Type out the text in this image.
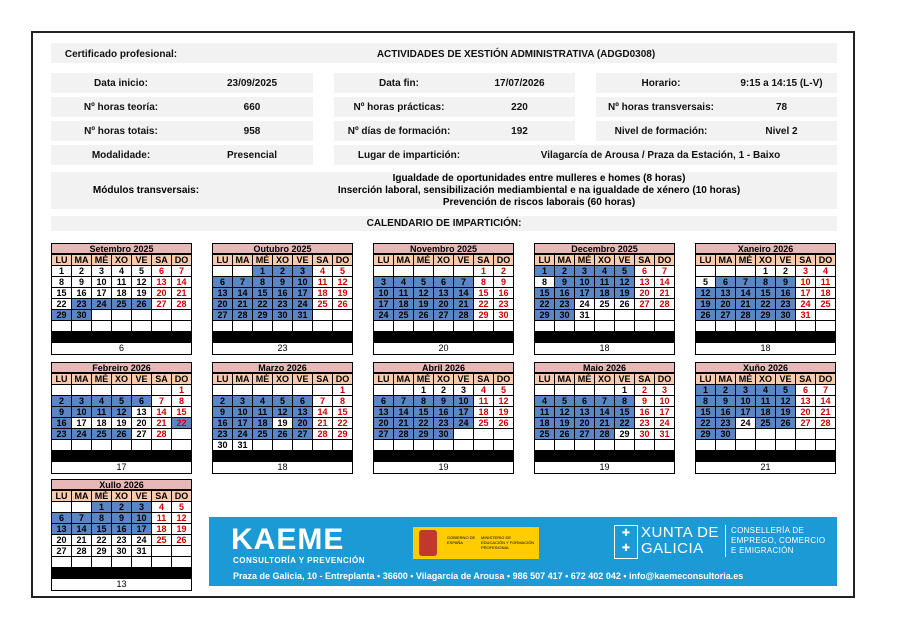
Certificado profesional:	ACTIVIDADES DE XESTIÓN ADMINISTRATIVA (ADGD0308)
Data inicio:	23/09/2025	Data fin:	17/07/2026	Horario:	9:15 a 14:15 (L-V)
Nº horas teoría:	660	Nº horas prácticas:	220	Nº horas transversais:	78
Nº horas totais:	958	Nº días de formación:	192	Nivel de formación:	Nivel 2
Modalidade:	Presencial	Lugar de impartición:	Vilagarcía de Arousa / Praza da Estación, 1 - Baixo
Módulos transversais:
Igualdade de oportunidades entre mulleres e homes (8 horas)
Inserción laboral, sensibilización mediambiental e na igualdade de xénero (10 horas)
Prevención de riscos laborais (60 horas)
CALENDARIO DE IMPARTICIÓN:
Setembro 2025
LU	MA	MÉ	XO	VE	SA	DO
1	2	3	4	5	6	7
8	9	10	11	12	13	14
15	16	17	18	19	20	21
22	23	24	25	26	27	28
29	30					

6
Outubro 2025
LU	MA	MÉ	XO	VE	SA	DO
		1	2	3	4	5
6	7	8	9	10	11	12
13	14	15	16	17	18	19
20	21	22	23	24	25	26
27	28	29	30	31		

23
Novembro 2025
LU	MA	MÉ	XO	VE	SA	DO
					1	2
3	4	5	6	7	8	9
10	11	12	13	14	15	16
17	18	19	20	21	22	23
24	25	26	27	28	29	30

20
Decembro 2025
LU	MA	MÉ	XO	VE	SA	DO
1	2	3	4	5	6	7
8	9	10	11	12	13	14
15	16	17	18	19	20	21
22	23	24	25	26	27	28
29	30	31				

18
Xaneiro 2026
LU	MA	MÉ	XO	VE	SA	DO
			1	2	3	4
5	6	7	8	9	10	11
12	13	14	15	16	17	18
19	20	21	22	23	24	25
26	27	28	29	30	31	

18
Febreiro 2026
LU	MA	MÉ	XO	VE	SA	DO
						1
2	3	4	5	6	7	8
9	10	11	12	13	14	15
16	17	18	19	20	21	22
23	24	25	26	27	28	

17
Marzo 2026
LU	MA	MÉ	XO	VE	SA	DO
						1
2	3	4	5	6	7	8
9	10	11	12	13	14	15
16	17	18	19	20	21	22
23	24	25	26	27	28	29
30	31					

18
Abril 2026
LU	MA	MÉ	XO	VE	SA	DO
		1	2	3	4	5
6	7	8	9	10	11	12
13	14	15	16	17	18	19
20	21	22	23	24	25	26
27	28	29	30			

19
Maio 2026
LU	MA	MÉ	XO	VE	SA	DO
				1	2	3
4	5	6	7	8	9	10
11	12	13	14	15	16	17
18	19	20	21	22	23	24
25	26	27	28	29	30	31

19
Xuño 2026
LU	MA	MÉ	XO	VE	SA	DO
1	2	3	4	5	6	7
8	9	10	11	12	13	14
15	16	17	18	19	20	21
22	23	24	25	26	27	28
29	30					

21
Xullo 2026
LU	MA	MÉ	XO	VE	SA	DO
		1	2	3	4	5
6	7	8	9	10	11	12
13	14	15	16	17	18	19
20	21	22	23	24	25	26
27	28	29	30	31		

13
KAEME
CONSULTORÍA Y PREVENCIÓN
GOBIERNO DE ESPAÑA
MINISTERIO DE EDUCACIÓN Y FORMACIÓN PROFESIONAL
✚
✚
XUNTA DE GALICIA
CONSELLERÍA DE EMPREGO, COMERCIO E EMIGRACIÓN
Praza de Galicia, 10 - Entreplanta • 36600 • Vilagarcía de Arousa • 986 507 417 • 672 402 042 • info@kaemeconsultoria.es
